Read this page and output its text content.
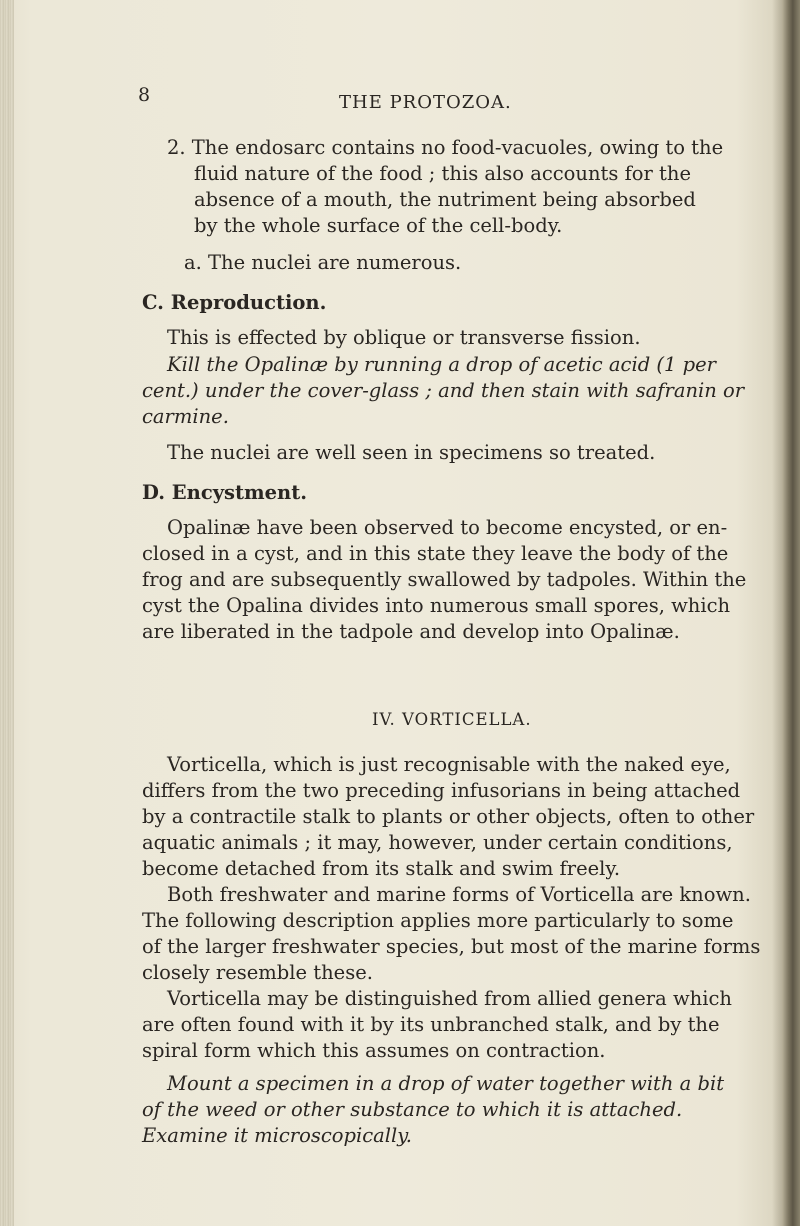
8	THE PROTOZOA.
2. The endosarc contains no food-vacuoles, owing to the
fluid nature of the food ; this also accounts for the
absence of a mouth, the nutriment being absorbed
by the whole surface of the cell-body.
a. The nuclei are numerous.
C. Reproduction.
This is effected by oblique or transverse fission.
Kill the Opalinæ by running a drop of acetic acid (1 per
cent.) under the cover-glass ; and then stain with safranin or
carmine.
The nuclei are well seen in specimens so treated.
D. Encystment.
Opalinæ have been observed to become encysted, or en-
closed in a cyst, and in this state they leave the body of the
frog and are subsequently swallowed by tadpoles. Within the
cyst the Opalina divides into numerous small spores, which
are liberated in the tadpole and develop into Opalinæ.
IV. VORTICELLA.
Vorticella, which is just recognisable with the naked eye,
differs from the two preceding infusorians in being attached
by a contractile stalk to plants or other objects, often to other
aquatic animals ; it may, however, under certain conditions,
become detached from its stalk and swim freely.
Both freshwater and marine forms of Vorticella are known.
The following description applies more particularly to some
of the larger freshwater species, but most of the marine forms
closely resemble these.
Vorticella may be distinguished from allied genera which
are often found with it by its unbranched stalk, and by the
spiral form which this assumes on contraction.
Mount a specimen in a drop of water together with a bit
of the weed or other substance to which it is attached.
Examine it microscopically.
